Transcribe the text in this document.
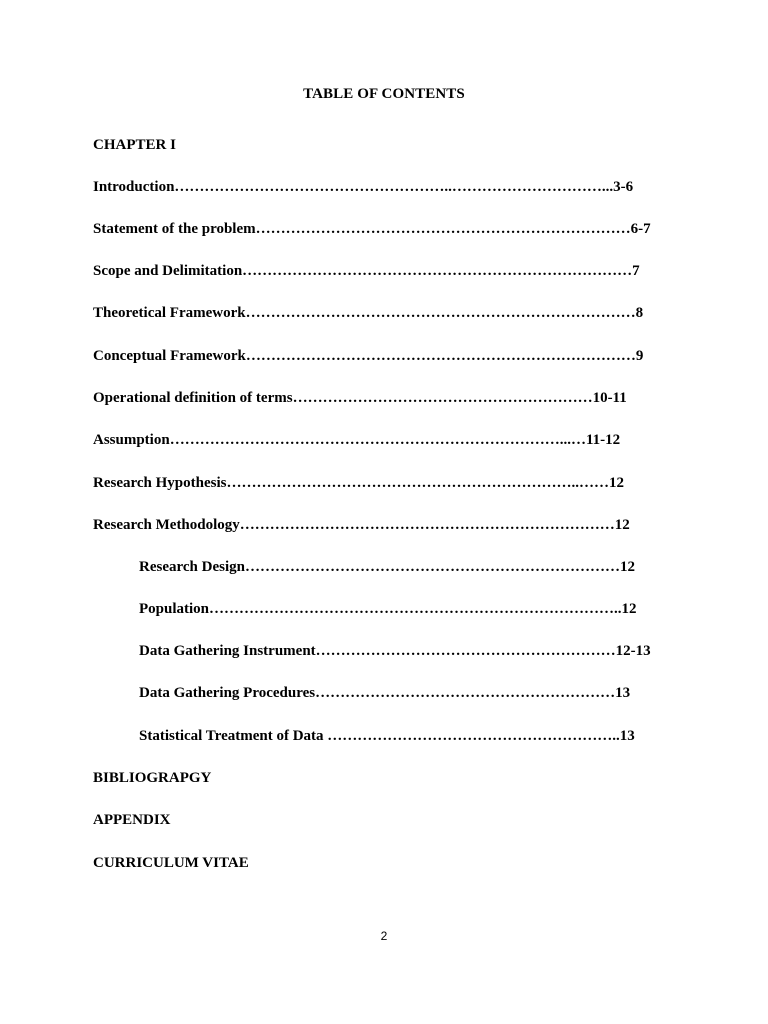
TABLE OF CONTENTS
CHAPTER I
Introduction………………………………………………..…………………………...3-6
Statement of the problem…………………………………………………………………6-7
Scope and Delimitation……………………………………………………………………7
Theoretical Framework……………………………………………………………………8
Conceptual Framework……………………………………………………………………9
Operational definition of terms……………………………………………………10-11
Assumption……………………………………………………………………...…11-12
Research Hypothesis……………………………………………………………..……12
Research Methodology…………………………………………………………………12
Research Design…………………………………………………………………12
Population………………………………………………………………………..12
Data Gathering Instrument……………………………………………………12-13
Data Gathering Procedures……………………………………………………13
Statistical Treatment of Data …………………………………………………..13
BIBLIOGRAPGY
APPENDIX
CURRICULUM VITAE
2
